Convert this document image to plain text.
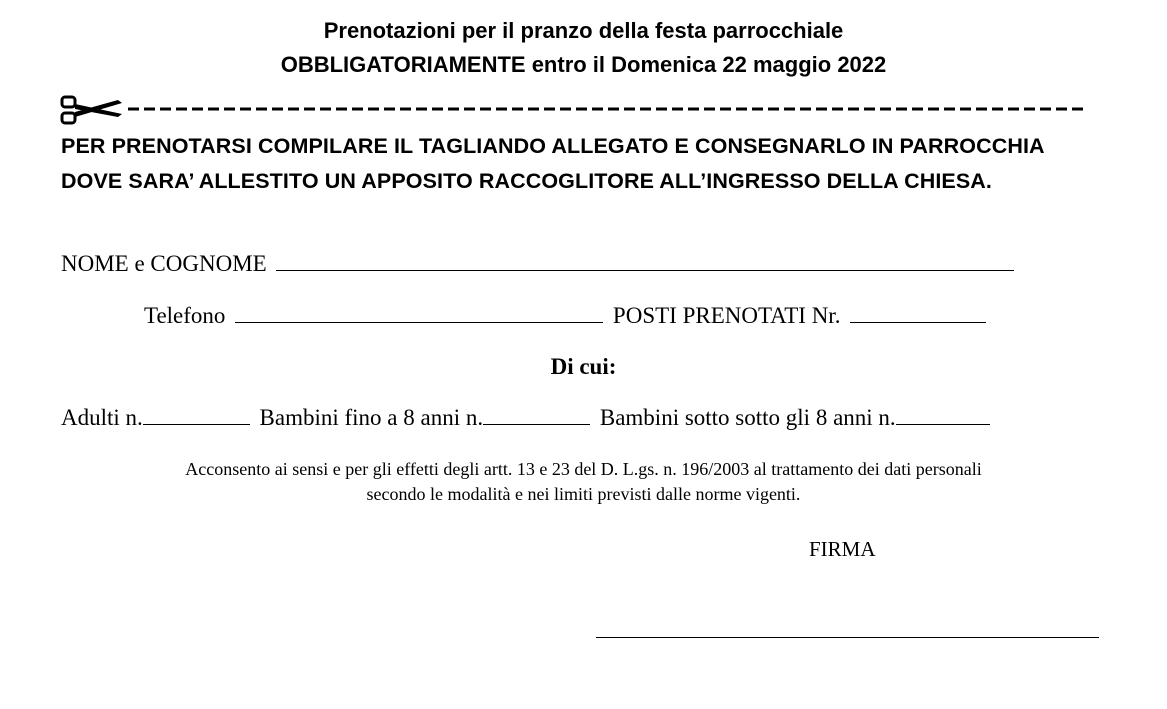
Prenotazioni per il pranzo della festa parrocchiale
OBBLIGATORIAMENTE entro il Domenica 22 maggio 2022
PER PRENOTARSI COMPILARE IL TAGLIANDO ALLEGATO E CONSEGNARLO IN PARROCCHIA
DOVE SARA’ ALLESTITO UN APPOSITO RACCOGLITORE ALL’INGRESSO DELLA CHIESA.
NOME e COGNOME
Telefono	POSTI PRENOTATI Nr.
Di cui:
Adulti n.	Bambini fino a 8 anni n.	Bambini sotto sotto gli 8 anni n.
Acconsento ai sensi e per gli effetti degli artt. 13 e 23 del D. L.gs. n. 196/2003 al trattamento dei dati personali
secondo le modalità e nei limiti previsti dalle norme vigenti.
FIRMA
